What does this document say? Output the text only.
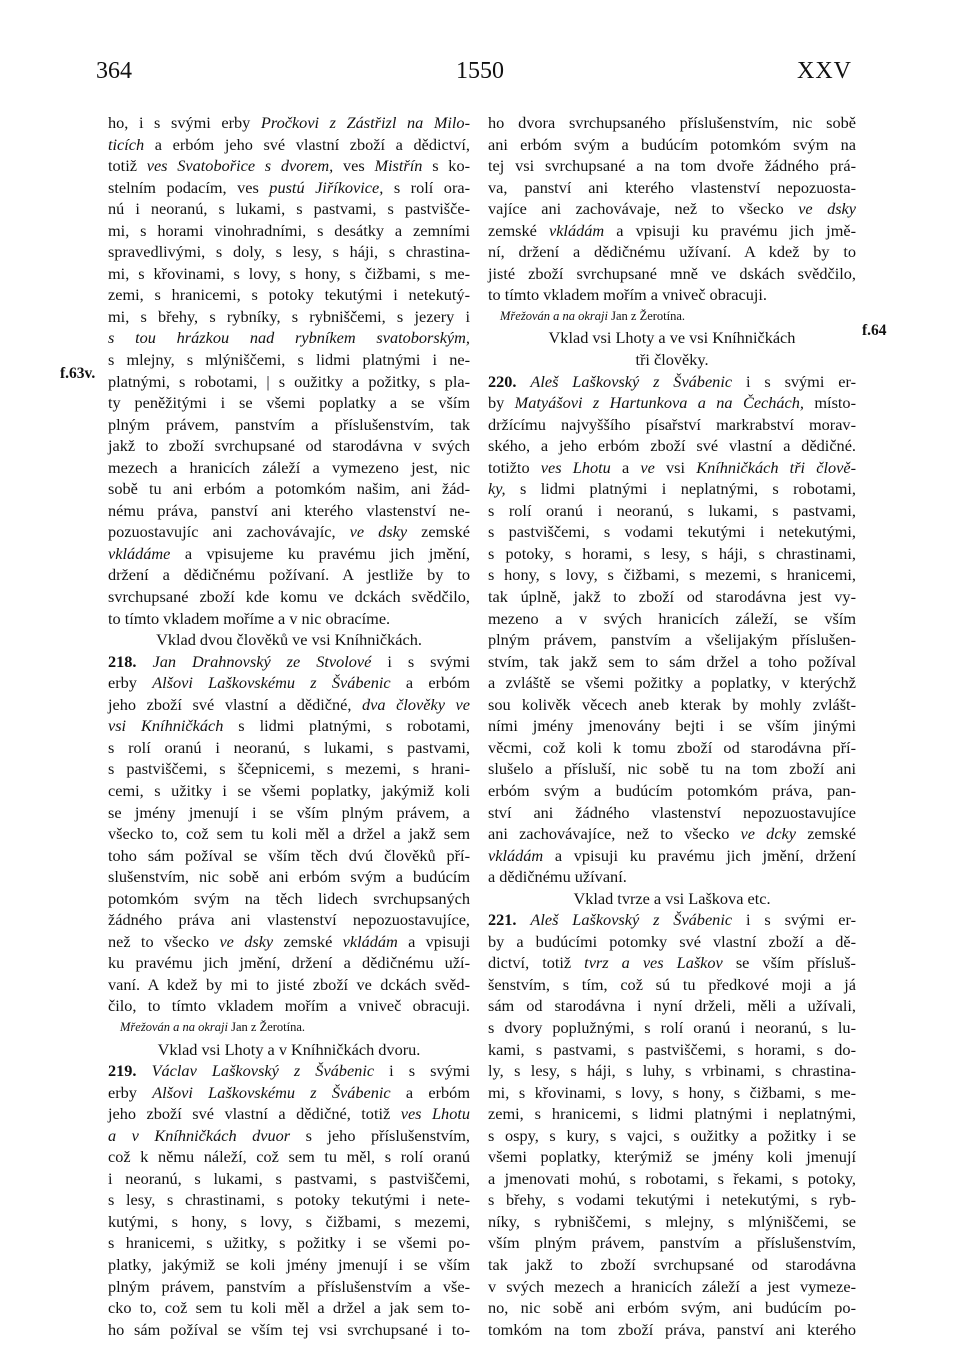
364	1550	XXV
ho, i s svými erby Pročkovi z Zástřizl na Milo-
ticích a erbóm jeho své vlastní zboží a dědictví,
totiž ves Svatobořice s dvorem, ves Mistřín s ko-
stelním podacím, ves pustú Jiříkovice, s rolí ora-
nú i neoranú, s lukami, s pastvami, s pastvišče-
mi, s horami vinohradními, s desátky a zemními
spravedlivými, s doly, s lesy, s háji, s chrastina-
mi, s křovinami, s lovy, s hony, s čižbami, s me-
zemi, s hranicemi, s potoky tekutými i netekutý-
mi, s břehy, s rybníky, s rybniščemi, s jezery i
s tou hrázkou nad rybníkem svatoborským,
s mlejny, s mlýniščemi, s lidmi platnými i ne-
platnými, s robotami, | s oužitky a požitky, s pla-
ty peněžitými i se všemi poplatky a se vším
plným právem, panstvím a příslušenstvím, tak
jakž to zboží svrchupsané od starodávna v svých
mezech a hranicích záleží a vymezeno jest, nic
sobě tu ani erbóm a potomkóm našim, ani žád-
nému práva, panství ani kterého vlastenství ne-
pozuostavujíc ani zachovávajíc, ve dsky zemské
vkládáme a vpisujeme ku pravému jich jmění,
držení a dědičnému požívaní. A jestliže by to
svrchupsané zboží kde komu ve dckách svědčilo,
to tímto vkladem moříme a v nic obracíme.
Vklad dvou člověků ve vsi Kníhničkách.
218. Jan Drahnovský ze Stvolové i s svými
erby Alšovi Laškovskému z Švábenic a erbóm
jeho zboží své vlastní a dědičné, dva člověky ve
vsi Kníhničkách s lidmi platnými, s robotami,
s rolí oranú i neoranú, s lukami, s pastvami,
s pastviščemi, s ščepnicemi, s mezemi, s hrani-
cemi, s užitky i se všemi poplatky, jakýmiž koli
se jmény jmenují i se vším plným právem, a
všecko to, což sem tu koli měl a držel a jakž sem
toho sám požíval se vším těch dvú člověků pří-
slušenstvím, nic sobě ani erbóm svým a budúcím
potomkóm svým na těch lidech svrchupsaných
žádného práva ani vlastenství nepozuostavujíce,
než to všecko ve dsky zemské vkládám a vpisuji
ku pravému jich jmění, držení a dědičnému uží-
vaní. A kdež by mi to jisté zboží ve dckách svěd-
čilo, to tímto vkladem mořím a vniveč obracuji.
Mřežován a na okraji Jan z Žerotína.
Vklad vsi Lhoty a v Kníhničkách dvoru.
219. Václav Laškovský z Švábenic i s svými
erby Alšovi Laškovskému z Švábenic a erbóm
jeho zboží své vlastní a dědičné, totiž ves Lhotu
a v Kníhničkách dvuor s jeho příslušenstvím,
což k němu náleží, což sem tu měl, s rolí oranú
i neoranú, s lukami, s pastvami, s pastviščemi,
s lesy, s chrastinami, s potoky tekutými i nete-
kutými, s hony, s lovy, s čižbami, s mezemi,
s hranicemi, s užitky, s požitky i se všemi po-
platky, jakýmiž se koli jmény jmenují i se vším
plným právem, panstvím a příslušenstvím a vše-
cko to, což sem tu koli měl a držel a jak sem to-
ho sám požíval se vším tej vsi svrchupsané i to-
ho dvora svrchupsaného příslušenstvím, nic sobě
ani erbóm svým a budúcím potomkóm svým na
tej vsi svrchupsané a na tom dvoře žádného prá-
va, panství ani kterého vlastenství nepozuosta-
vajíce ani zachovávaje, než to všecko ve dsky
zemské vkládám a vpisuji ku pravému jich jmě-
ní, držení a dědičnému užívaní. A kdež by to
jisté zboží svrchupsané mně ve dskách svědčilo,
to tímto vkladem mořím a vniveč obracuji.
Mřežován a na okraji Jan z Žerotína.
Vklad vsi Lhoty a ve vsi Kníhničkách
tři člověky.
220. Aleš Laškovský z Švábenic i s svými er-
by Matyášovi z Hartunkova a na Čechách, místo-
držícímu najvyššího písařství markrabství morav-
ského, a jeho erbóm zboží své vlastní a dědičné.
totižto ves Lhotu a ve vsi Kníhničkách tři člově-
ky, s lidmi platnými i neplatnými, s robotami,
s rolí oranú i neoranú, s lukami, s pastvami,
s pastviščemi, s vodami tekutými i netekutými,
s potoky, s horami, s lesy, s háji, s chrastinami,
s hony, s lovy, s čižbami, s mezemi, s hranicemi,
tak úplně, jakž to zboží od starodávna jest vy-
mezeno a v svých hranicích záleží, se vším
plným právem, panstvím a všelijakým příslušen-
stvím, tak jakž sem to sám držel a toho požíval
a zvláště se všemi požitky a poplatky, v kterýchž
sou kolivěk věcech aneb kterak by mohly zvlášt-
ními jmény jmenovány bejti i se vším jinými
věcmi, což koli k tomu zboží od starodávna pří-
slušelo a přísluší, nic sobě tu na tom zboží ani
erbóm svým a budúcím potomkóm práva, pan-
ství ani žádného vlastenství nepozuostavujíce
ani zachovávajíce, než to všecko ve dcky zemské
vkládám a vpisuji ku pravému jich jmění, držení
a dědičnému užívaní.
Vklad tvrze a vsi Laškova etc.
221. Aleš Laškovský z Švábenic i s svými er-
by a budúcími potomky své vlastní zboží a dě-
dictví, totiž tvrz a ves Laškov se vším přísluš-
šenstvím, s tím, což sú tu předkové moji a já
sám od starodávna i nyní drželi, měli a užívali,
s dvory poplužnými, s rolí oranú i neoranú, s lu-
kami, s pastvami, s pastviščemi, s horami, s do-
ly, s lesy, s háji, s luhy, s vrbinami, s chrastina-
mi, s křovinami, s lovy, s hony, s čižbami, s me-
zemi, s hranicemi, s lidmi platnými i neplatnými,
s ospy, s kury, s vajci, s oužitky a požitky i se
všemi poplatky, kterýmiž se jmény koli jmenují
a jmenovati mohú, s robotami, s řekami, s potoky,
s břehy, s vodami tekutými i netekutými, s ryb-
níky, s rybniščemi, s mlejny, s mlýniščemi, se
vším plným právem, panstvím a příslušenstvím,
tak jakž to zboží svrchupsané od starodávna
v svých mezech a hranicích záleží a jest vymeze-
no, nic sobě ani erbóm svým, ani budúcím po-
tomkóm na tom zboží práva, panství ani kterého
f.63v.
f.64
